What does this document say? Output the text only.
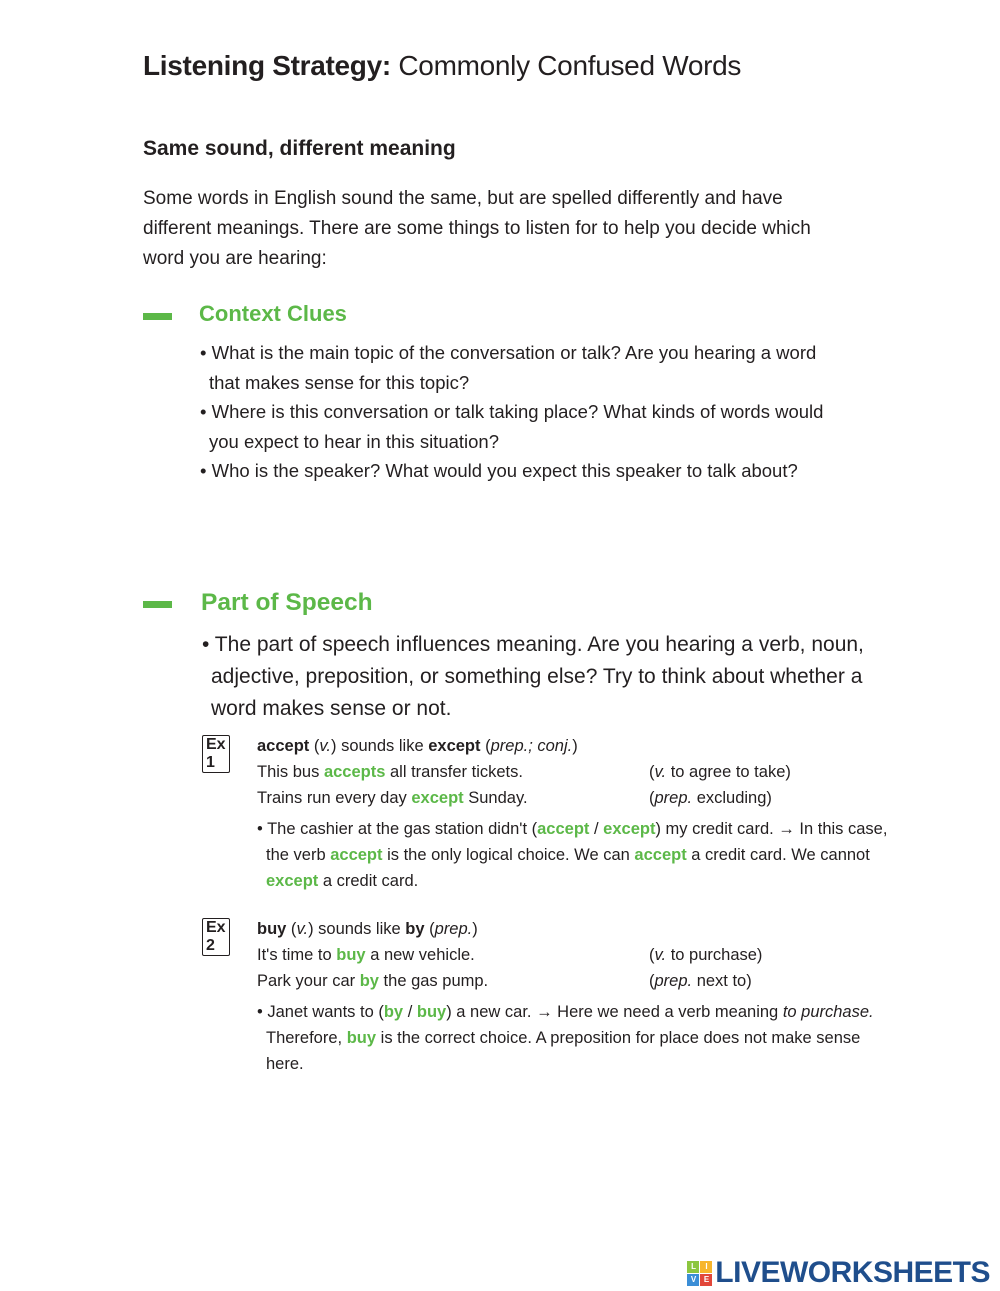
Listening Strategy: Commonly Confused Words
Same sound, different meaning
Some words in English sound the same, but are spelled differently and have
different meanings. There are some things to listen for to help you decide which
word you are hearing:
Context Clues
• What is the main topic of the conversation or talk? Are you hearing a word
that makes sense for this topic?
• Where is this conversation or talk taking place? What kinds of words would
you expect to hear in this situation?
• Who is the speaker? What would you expect this speaker to talk about?
Part of Speech
• The part of speech influences meaning. Are you hearing a verb, noun,
adjective, preposition, or something else? Try to think about whether a
word makes sense or not.
Ex 1
accept (v.) sounds like except (prep.; conj.)
This bus accepts all transfer tickets.	(v. to agree to take)
Trains run every day except Sunday.	(prep. excluding)
• The cashier at the gas station didn't (accept / except) my credit card. → In this case,
the verb accept is the only logical choice. We can accept a credit card. We cannot
except a credit card.
Ex 2
buy (v.) sounds like by (prep.)
It's time to buy a new vehicle.	(v. to purchase)
Park your car by the gas pump.	(prep. next to)
• Janet wants to (by / buy) a new car. → Here we need a verb meaning to purchase.
Therefore, buy is the correct choice. A preposition for place does not make sense
here.
L	I
V	E LIVEWORKSHEETS
